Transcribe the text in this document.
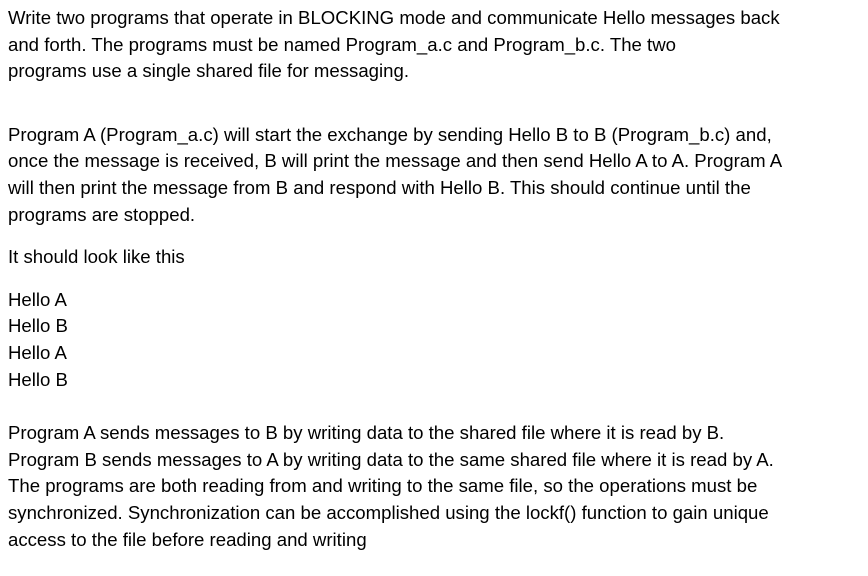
Write two programs that operate in BLOCKING mode and communicate Hello messages back
and forth. The programs must be named Program_a.c and Program_b.c. The two
programs use a single shared file for messaging.

Program A (Program_a.c) will start the exchange by sending Hello B to B (Program_b.c) and,
once the message is received, B will print the message and then send Hello A to A. Program A
will then print the message from B and respond with Hello B. This should continue until the
programs are stopped.

It should look like this

Hello A
Hello B
Hello A
Hello B

Program A sends messages to B by writing data to the shared file where it is read by B.
Program B sends messages to A by writing data to the same shared file where it is read by A.
The programs are both reading from and writing to the same file, so the operations must be
synchronized. Synchronization can be accomplished using the lockf() function to gain unique
access to the file before reading and writing
